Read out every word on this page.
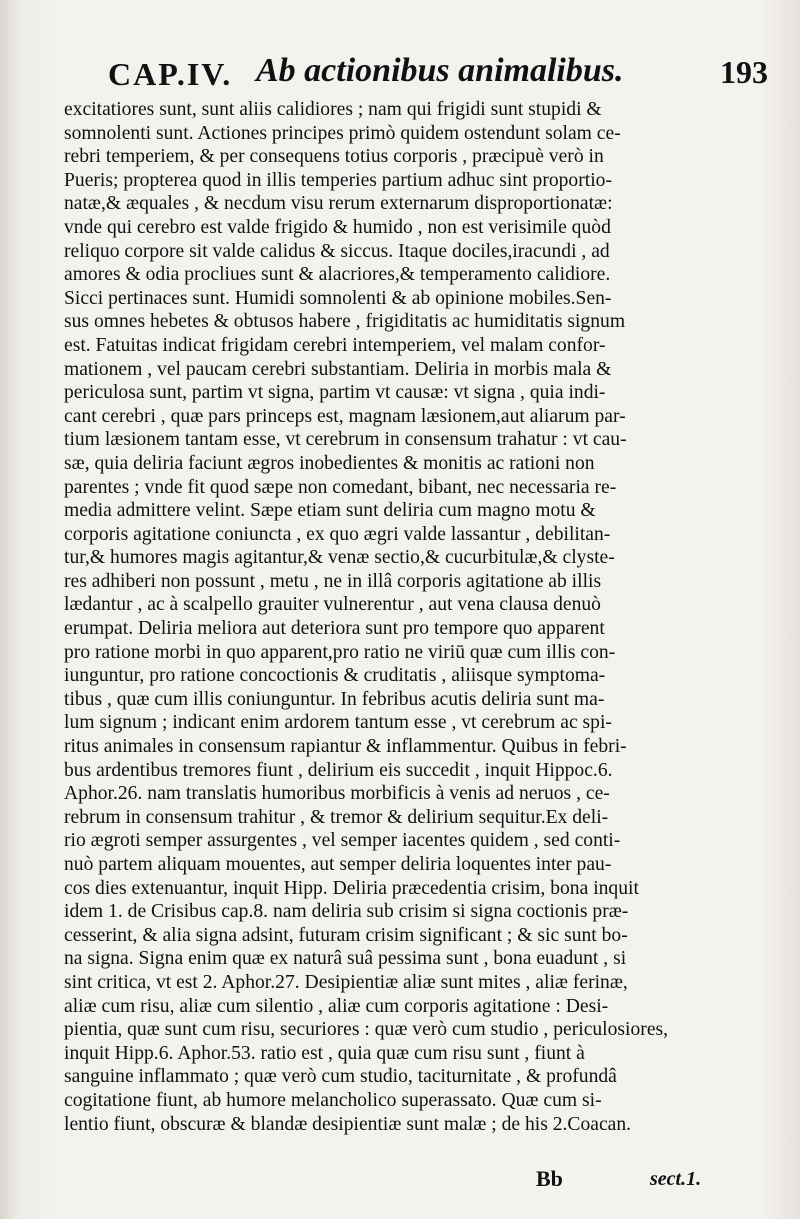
CAP.IV. Ab actionibus animalibus.	193
excitatiores sunt, sunt aliis calidiores ; nam qui frigidi sunt stupidi &
somnolenti sunt. Actiones principes primò quidem ostendunt solam ce-
rebri temperiem, & per consequens totius corporis , præcipuè verò in
Pueris; propterea quod in illis temperies partium adhuc sint proportio-
natæ,& æquales , & necdum visu rerum externarum disproportionatæ:
vnde qui cerebro est valde frigido & humido , non est verisimile quòd
reliquo corpore sit valde calidus & siccus. Itaque dociles,iracundi , ad
amores & odia procliues sunt & alacriores,& temperamento calidiore.
Sicci pertinaces sunt. Humidi somnolenti & ab opinione mobiles.Sen-
sus omnes hebetes & obtusos habere , frigiditatis ac humiditatis signum
est. Fatuitas indicat frigidam cerebri intemperiem, vel malam confor-
mationem , vel paucam cerebri substantiam. Deliria in morbis mala &
periculosa sunt, partim vt signa, partim vt causæ: vt signa , quia indi-
cant cerebri , quæ pars princeps est, magnam læsionem,aut aliarum par-
tium læsionem tantam esse, vt cerebrum in consensum trahatur : vt cau-
sæ, quia deliria faciunt ægros inobedientes & monitis ac rationi non
parentes ; vnde fit quod sæpe non comedant, bibant, nec necessaria re-
media admittere velint. Sæpe etiam sunt deliria cum magno motu &
corporis agitatione coniuncta , ex quo ægri valde lassantur , debilitan-
tur,& humores magis agitantur,& venæ sectio,& cucurbitulæ,& clyste-
res adhiberi non possunt , metu , ne in illâ corporis agitatione ab illis
lædantur , ac à scalpello grauiter vulnerentur , aut vena clausa denuò
erumpat. Deliria meliora aut deteriora sunt pro tempore quo apparent
pro ratione morbi in quo apparent,pro ratio ne viriū quæ cum illis con-
iunguntur, pro ratione concoctionis & cruditatis , aliisque symptoma-
tibus , quæ cum illis coniunguntur. In febribus acutis deliria sunt ma-
lum signum ; indicant enim ardorem tantum esse , vt cerebrum ac spi-
ritus animales in consensum rapiantur & inflammentur. Quibus in febri-
bus ardentibus tremores fiunt , delirium eis succedit , inquit Hippoc.6.
Aphor.26. nam translatis humoribus morbificis à venis ad neruos , ce-
rebrum in consensum trahitur , & tremor & delirium sequitur.Ex deli-
rio ægroti semper assurgentes , vel semper iacentes quidem , sed conti-
nuò partem aliquam mouentes, aut semper deliria loquentes inter pau-
cos dies extenuantur, inquit Hipp. Deliria præcedentia crisim, bona inquit
idem 1. de Crisibus cap.8. nam deliria sub crisim si signa coctionis præ-
cesserint, & alia signa adsint, futuram crisim significant ; & sic sunt bo-
na signa. Signa enim quæ ex naturâ suâ pessima sunt , bona euadunt , si
sint critica, vt est 2. Aphor.27. Desipientiæ aliæ sunt mites , aliæ ferinæ,
aliæ cum risu, aliæ cum silentio , aliæ cum corporis agitatione : Desi-
pientia, quæ sunt cum risu, securiores : quæ verò cum studio , periculosiores,
inquit Hipp.6. Aphor.53. ratio est , quia quæ cum risu sunt , fiunt à
sanguine inflammato ; quæ verò cum studio, taciturnitate , & profundâ
cogitatione fiunt, ab humore melancholico superassato. Quæ cum si-
lentio fiunt, obscuræ & blandæ desipientiæ sunt malæ ; de his 2.Coacan.
Bb	sect.1.
